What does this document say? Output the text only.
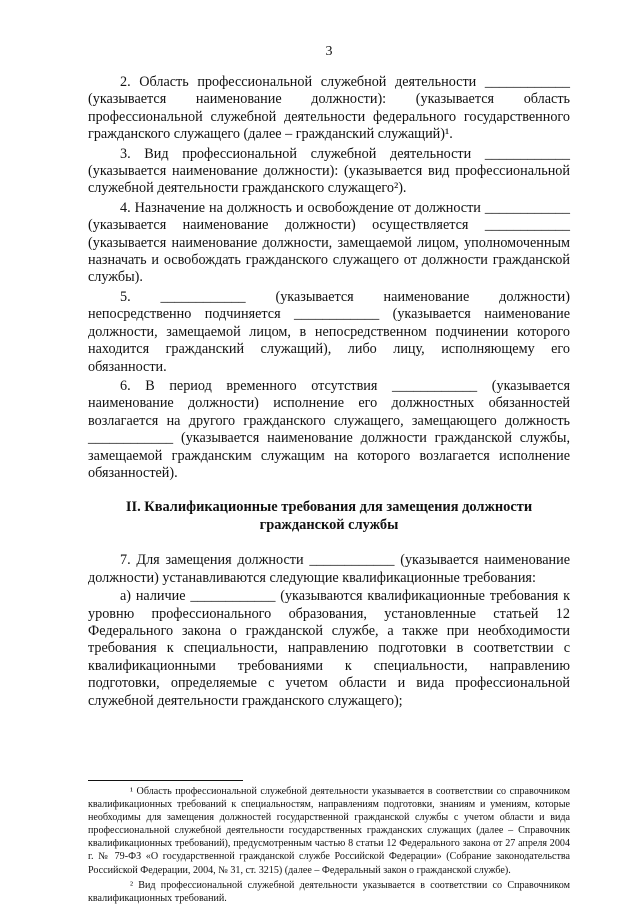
3

2. Область профессиональной служебной деятельности ____________ (указывается наименование должности): (указывается область профессиональной служебной деятельности федерального государственного гражданского служащего (далее – гражданский служащий)¹.

3. Вид профессиональной служебной деятельности ____________ (указывается наименование должности): (указывается вид профессиональной служебной деятельности гражданского служащего²).

4. Назначение на должность и освобождение от должности ____________ (указывается наименование должности) осуществляется ____________ (указывается наименование должности, замещаемой лицом, уполномоченным назначать и освобождать гражданского служащего от должности гражданской службы).

5. ____________ (указывается наименование должности) непосредственно подчиняется ____________ (указывается наименование должности, замещаемой лицом, в непосредственном подчинении которого находится гражданский служащий), либо лицу, исполняющему его обязанности.

6. В период временного отсутствия ____________ (указывается наименование должности) исполнение его должностных обязанностей возлагается на другого гражданского служащего, замещающего должность ____________ (указывается наименование должности гражданской службы, замещаемой гражданским служащим на которого возлагается исполнение обязанностей).

II. Квалификационные требования для замещения должности гражданской службы

7. Для замещения должности ____________ (указывается наименование должности) устанавливаются следующие квалификационные требования:

а) наличие ____________ (указываются квалификационные требования к уровню профессионального образования, установленные статьей 12 Федерального закона о гражданской службе, а также при необходимости требования к специальности, направлению подготовки в соответствии с квалификационными требованиями к специальности, направлению подготовки, определяемые с учетом области и вида профессиональной служебной деятельности гражданского служащего);

¹ Область профессиональной служебной деятельности указывается в соответствии со справочником квалификационных требований к специальностям, направлениям подготовки, знаниям и умениям, которые необходимы для замещения должностей государственной гражданской службы с учетом области и вида профессиональной служебной деятельности государственных гражданских служащих (далее – Справочник квалификационных требований), предусмотренным частью 8 статьи 12 Федерального закона от 27 апреля 2004 г. № 79-ФЗ «О государственной гражданской службе Российской Федерации» (Собрание законодательства Российской Федерации, 2004, № 31, ст. 3215) (далее – Федеральный закон о гражданской службе).

² Вид профессиональной служебной деятельности указывается в соответствии со Справочником квалификационных требований.
